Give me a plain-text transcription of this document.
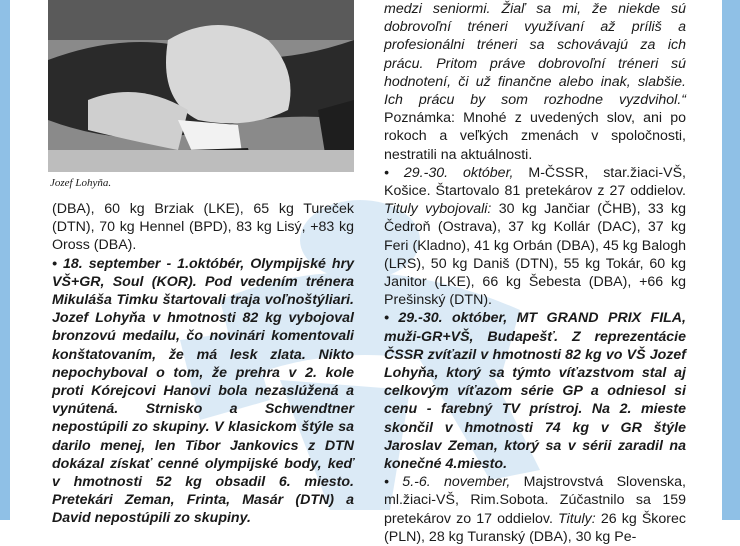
Jozef Lohyňa.

(DBA), 60 kg Brziak (LKE), 65 kg Tureček (DTN), 70 kg Hennel (BPD), 83 kg Lisý, +83 kg Oross (DBA).

• 18. september - 1.októbér, Olympijské hry VŠ+GR, Soul (KOR). Pod vedením trénera Mikuláša Timku štartovali traja voľnoštýliari. Jozef Lohyňa v hmotnosti 82 kg vybojoval bronzovú medailu, čo novinári komentovali konštatovaním, že má lesk zlata. Nikto nepochyboval o tom, že prehra v 2. kole proti Kórejcovi Hanovi bola nezaslúžená a vynútená. Strnisko a Schwendtner nepostúpili zo skupiny. V klasickom štýle sa darilo menej, len Tibor Jankovics z DTN dokázal získať cenné olympijské body, keď v hmotnosti 52 kg obsadil 6. miesto. Pretekári Zeman, Frinta, Masár (DTN) a David nepostúpili zo skupiny.

medzi seniormi. Žiaľ sa mi, že niekde sú dobrovoľní tréneri využívaní až príliš a profesionálni tréneri sa schovávajú za ich prácu. Pritom práve dobrovoľní tréneri sú hodnotení, či už finančne alebo inak, slabšie. Ich prácu by som rozhodne vyzdvihol.“ Poznámka: Mnohé z uvedených slov, ani po rokoch a veľkých zmenách v spoločnosti, nestratili na aktuálnosti.

• 29.-30. október, M-ČSSR, star.žiaci-VŠ, Košice. Štartovalo 81 pretekárov z 27 oddielov. Tituly vybojovali: 30 kg Jančiar (ČHB), 33 kg Čedroň (Ostrava), 37 kg Kollár (DAC), 37 kg Feri (Kladno), 41 kg Orbán (DBA), 45 kg Balogh (LRS), 50 kg Daniš (DTN), 55 kg Tokár, 60 kg Janitor (LKE), 66 kg Šebesta (DBA), +66 kg Prešinský (DTN).

• 29.-30. október, MT GRAND PRIX FILA, muži-GR+VŠ, Budapešť. Z reprezentácie ČSSR zvíťazil v hmotnosti 82 kg vo VŠ Jozef Lohyňa, ktorý sa týmto víťazstvom stal aj celkovým víťazom série GP a odniesol si cenu - farebný TV prístroj. Na 2. mieste skončil v hmotnosti 74 kg v GR štýle Jaroslav Zeman, ktorý sa v sérii zaradil na konečné 4.miesto.

• 5.-6. november, Majstrovstvá Slovenska, ml.žiaci-VŠ, Rim.Sobota. Zúčastnilo sa 159 pretekárov zo 17 oddielov. Tituly: 26 kg Škorec (PLN), 28 kg Turanský (DBA), 30 kg Pe-
